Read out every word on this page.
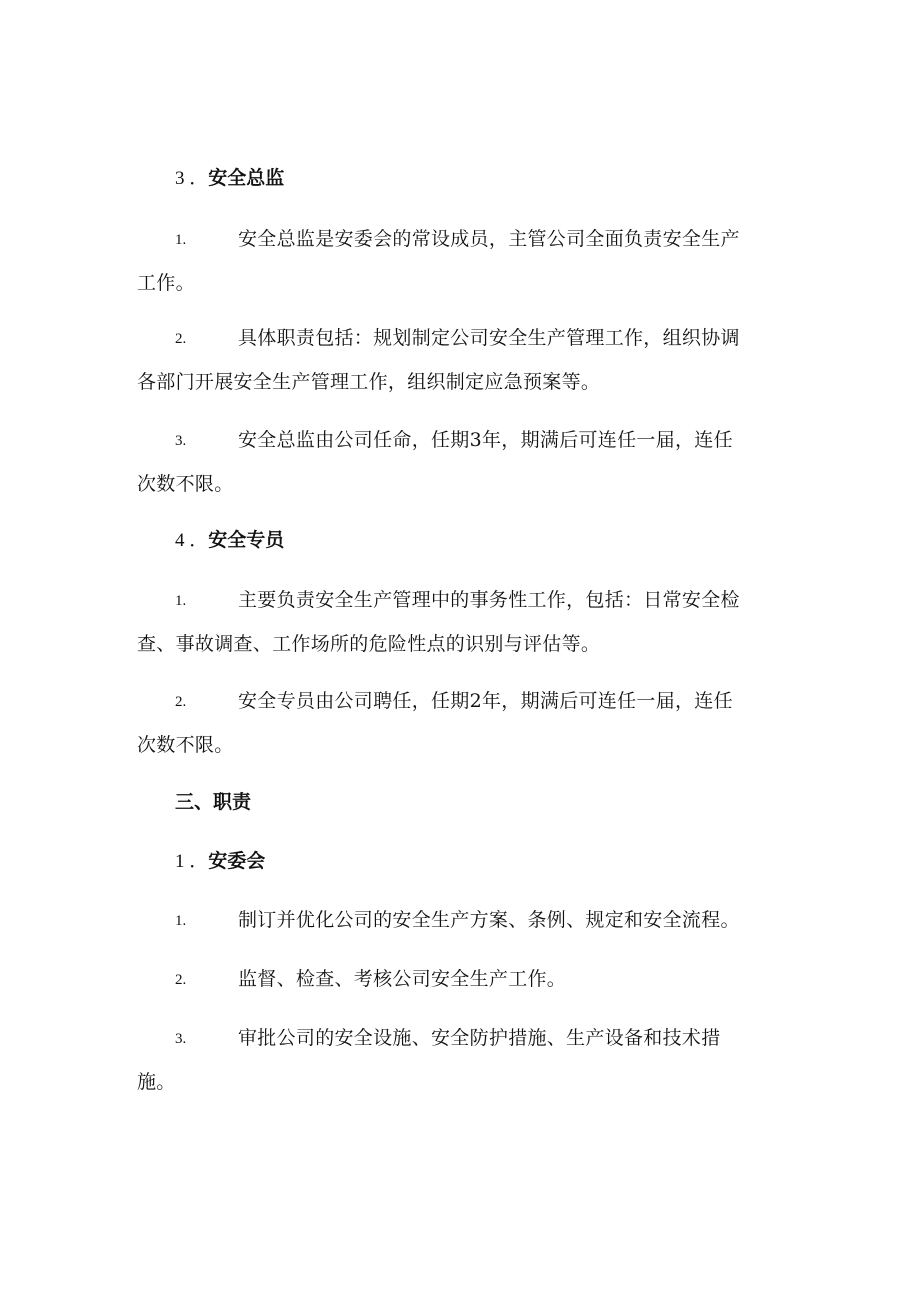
3 ．安全总监
1.	安全总监是安委会的常设成员，主管公司全面负责安全生产工作。

2.	具体职责包括：规划制定公司安全生产管理工作，组织协调各部门开展安全生产管理工作，组织制定应急预案等。

3.	安全总监由公司任命，任期3年，期满后可连任一届，连任次数不限。

4 ．安全专员
1.	主要负责安全生产管理中的事务性工作，包括：日常安全检查、事故调查、工作场所的危险性点的识别与评估等。

2.	安全专员由公司聘任，任期2年，期满后可连任一届，连任次数不限。

三、职责
1 ．安委会
1.	制订并优化公司的安全生产方案、条例、规定和安全流程。

2.	监督、检查、考核公司安全生产工作。

3.	审批公司的安全设施、安全防护措施、生产设备和技术措施。
